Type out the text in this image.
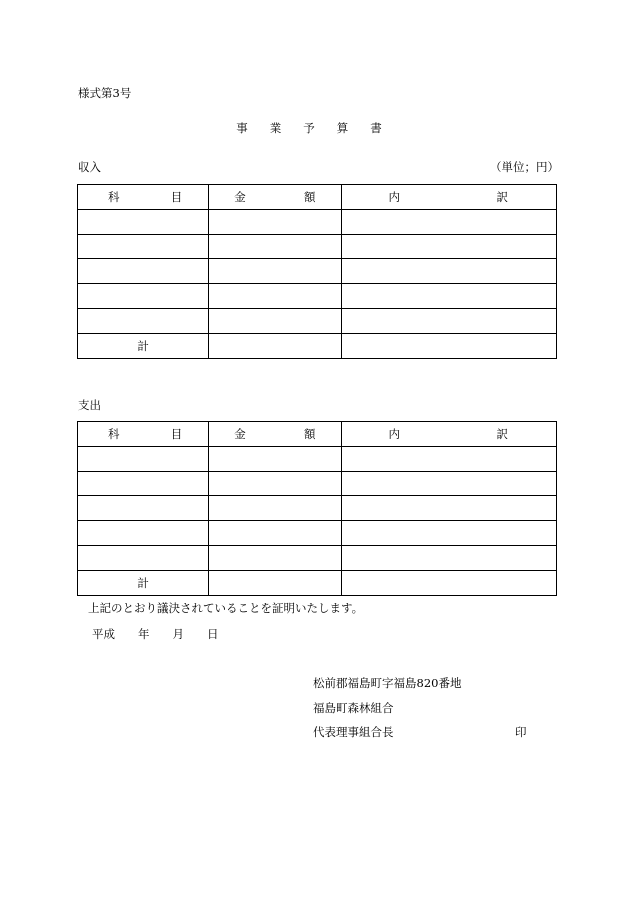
様式第3号
事業予算書
収入	（単位；円）
科 目	金 額	内 訳

計		
支出
科 目	金 額	内 訳

計		
上記のとおり議決されていることを証明いたします。
平成　　年　　月　　日
松前郡福島町字福島820番地
福島町森林組合
代表理事組合長	印
